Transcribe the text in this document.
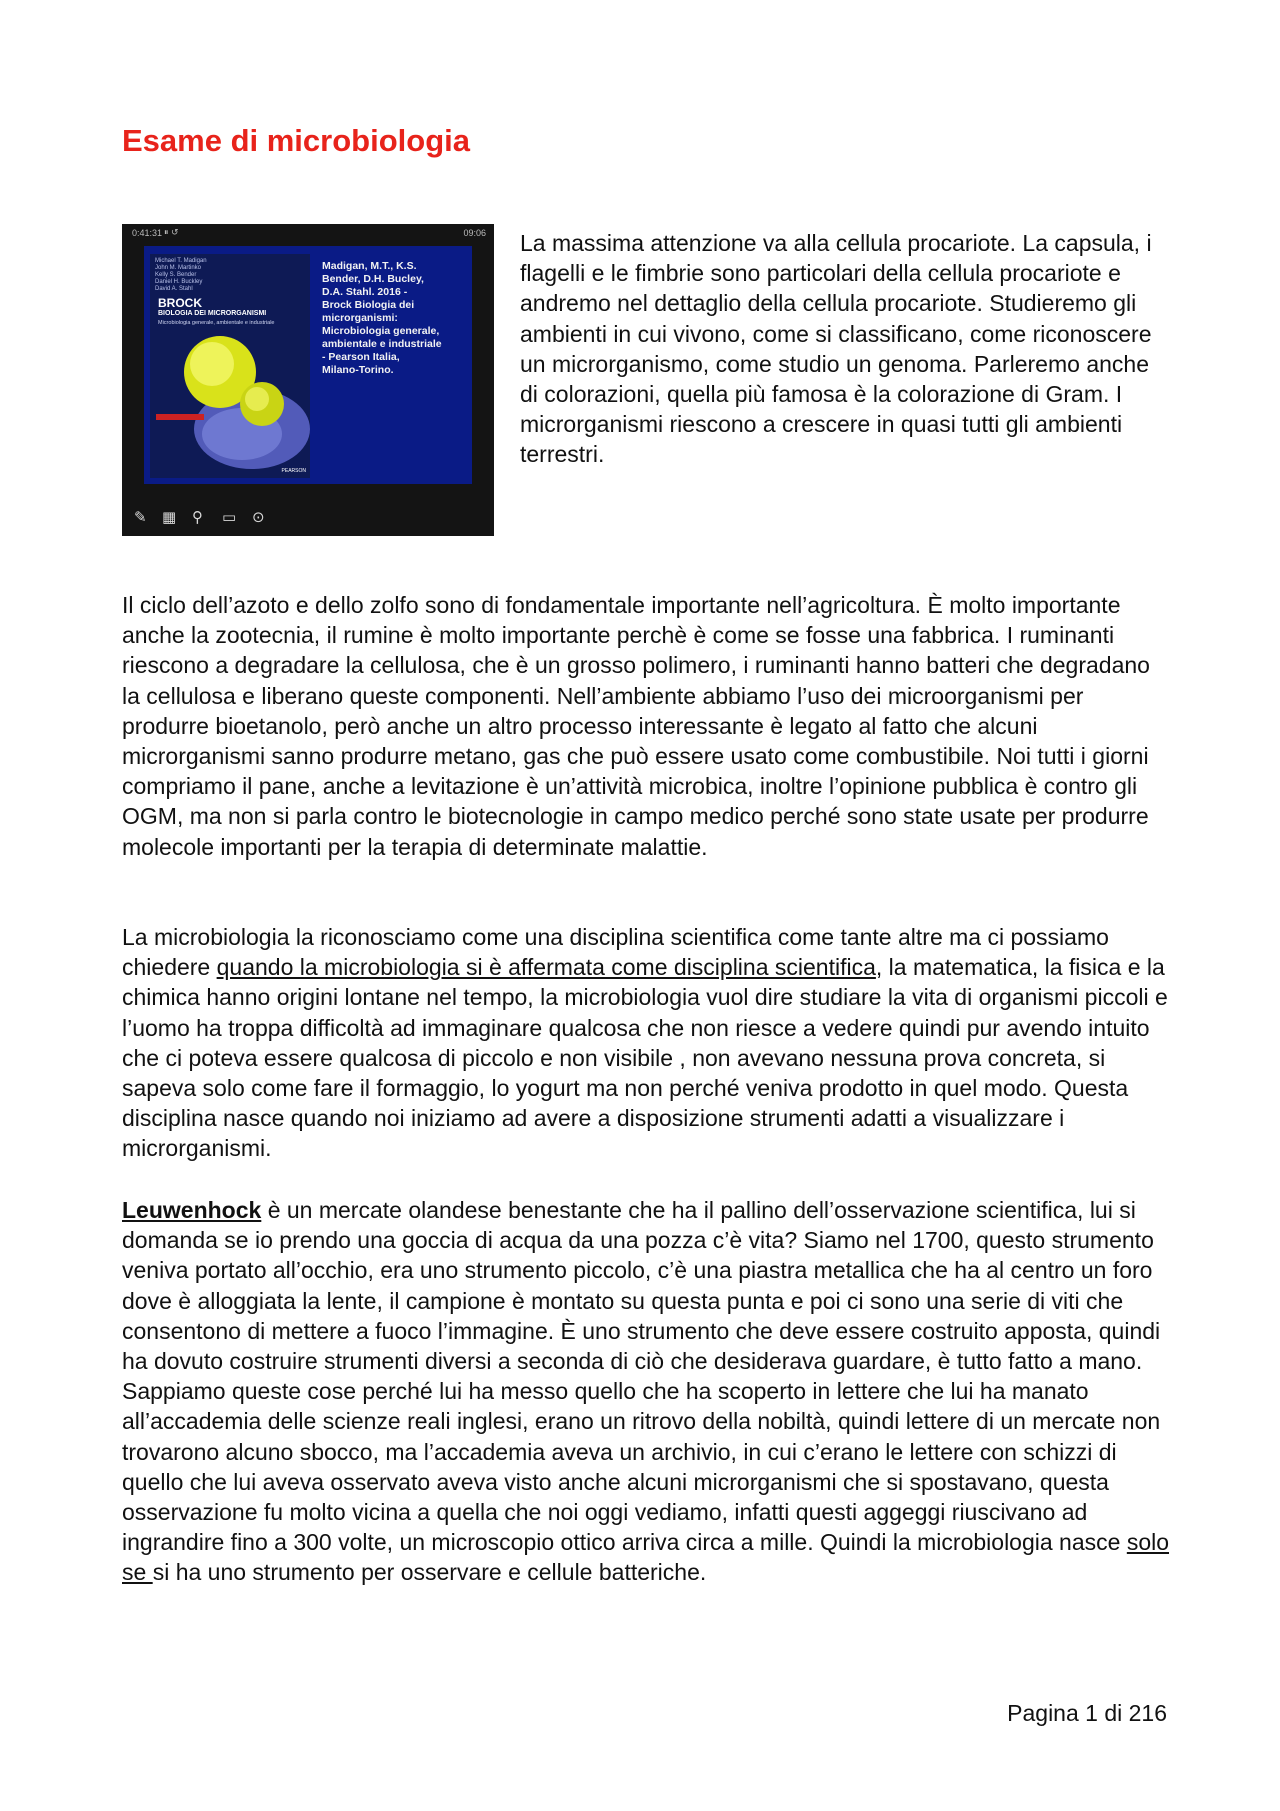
Esame di microbiologia
0:41:31 ⏸ ↺	09:06
Michael T. Madigan
John M. Martinko
Kelly S. Bender
Daniel H. Buckley
David A. Stahl
BROCK
BIOLOGIA DEI MICRORGANISMI
Microbiologia generale, ambientale e industriale
PEARSON
Madigan, M.T., K.S.
Bender, D.H. Bucley,
D.A. Stahl. 2016 -
Brock Biologia dei
microrganismi:
Microbiologia generale,
ambientale e industriale
- Pearson Italia,
Milano-Torino.
✎ ▦ ⚲ ▭ ⊙

La massima attenzione va alla cellula procariote. La capsula, i flagelli e le fimbrie sono particolari della cellula procariote e andremo nel dettaglio della cellula procariote. Studieremo gli ambienti in cui vivono, come si classificano, come riconoscere un microrganismo, come studio un genoma. Parleremo anche di colorazioni, quella più famosa è la colorazione di Gram. I microrganismi riescono a crescere in quasi tutti gli ambienti terrestri.

Il ciclo dell’azoto e dello zolfo sono di fondamentale importante nell’agricoltura. È molto importante anche la zootecnia, il rumine è molto importante perchè è come se fosse una fabbrica. I ruminanti riescono a degradare la cellulosa, che è un grosso polimero, i ruminanti hanno batteri che degradano la cellulosa e liberano queste componenti. Nell’ambiente abbiamo l’uso dei microorganismi per produrre bioetanolo, però anche un altro processo interessante è legato al fatto che alcuni microrganismi sanno produrre metano, gas che può essere usato come combustibile. Noi tutti i giorni compriamo il pane, anche a levitazione è un’attività microbica, inoltre l’opinione pubblica è contro gli OGM, ma non si parla contro le biotecnologie in campo medico perché sono state usate per produrre molecole importanti per la terapia di determinate malattie.

La microbiologia la riconosciamo come una disciplina scientifica come tante altre ma ci possiamo chiedere quando la microbiologia si è affermata come disciplina scientifica, la matematica, la fisica e la chimica hanno origini lontane nel tempo, la microbiologia vuol dire studiare la vita di organismi piccoli e l’uomo ha troppa difficoltà ad immaginare qualcosa che non riesce a vedere quindi pur avendo intuito che ci poteva essere qualcosa di piccolo e non visibile , non avevano nessuna prova concreta, si sapeva solo come fare il formaggio, lo yogurt ma non perché veniva prodotto in quel modo. Questa disciplina nasce quando noi iniziamo ad avere a disposizione strumenti adatti a visualizzare i microrganismi.

Leuwenhock è un mercate olandese benestante che ha il pallino dell’osservazione scientifica, lui si domanda se io prendo una goccia di acqua da una pozza c’è vita? Siamo nel 1700, questo strumento veniva portato all’occhio, era uno strumento piccolo, c’è una piastra metallica che ha al centro un foro dove è alloggiata la lente, il campione è montato su questa punta e poi ci sono una serie di viti che consentono di mettere a fuoco l’immagine. È uno strumento che deve essere costruito apposta, quindi ha dovuto costruire strumenti diversi a seconda di ciò che desiderava guardare, è tutto fatto a mano. Sappiamo queste cose perché lui ha messo quello che ha scoperto in lettere che lui ha manato all’accademia delle scienze reali inglesi, erano un ritrovo della nobiltà, quindi lettere di un mercate non trovarono alcuno sbocco, ma l’accademia aveva un archivio, in cui c’erano le lettere con schizzi di quello che lui aveva osservato aveva visto anche alcuni microrganismi che si spostavano, questa osservazione fu molto vicina a quella che noi oggi vediamo, infatti questi aggeggi riuscivano ad ingrandire fino a 300 volte, un microscopio ottico arriva circa a mille. Quindi la microbiologia nasce solo se si ha uno strumento per osservare e cellule batteriche.

Pagina 1 di 216
